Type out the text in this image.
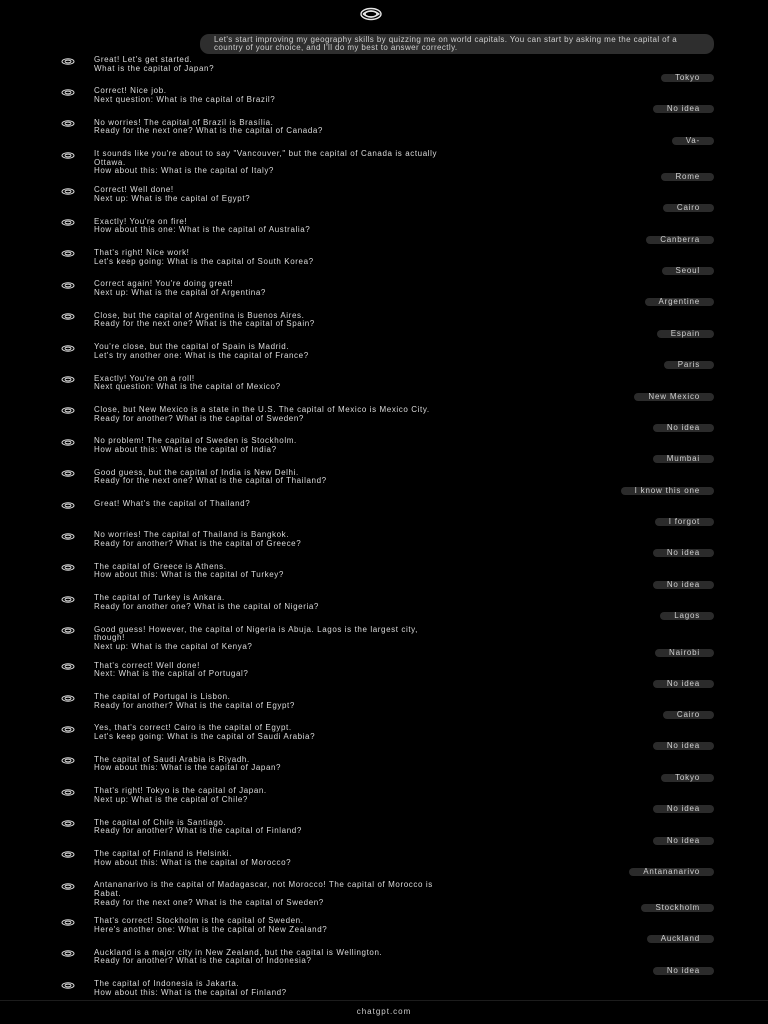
Let's start improving my geography skills by quizzing me on world capitals. You can start by asking me the capital of a country of your choice, and I'll do my best to answer correctly.
Great! Let's get started.
What is the capital of Japan?
Tokyo
Correct! Nice job.
Next question: What is the capital of Brazil?
No idea
No worries! The capital of Brazil is Brasília.
Ready for the next one? What is the capital of Canada?
Va-
It sounds like you're about to say "Vancouver," but the capital of Canada is actually
Ottawa.
How about this: What is the capital of Italy?
Rome
Correct! Well done!
Next up: What is the capital of Egypt?
Cairo
Exactly! You're on fire!
How about this one: What is the capital of Australia?
Canberra
That's right! Nice work!
Let's keep going: What is the capital of South Korea?
Seoul
Correct again! You're doing great!
Next up: What is the capital of Argentina?
Argentine
Close, but the capital of Argentina is Buenos Aires.
Ready for the next one? What is the capital of Spain?
Espain
You're close, but the capital of Spain is Madrid.
Let's try another one: What is the capital of France?
Paris
Exactly! You're on a roll!
Next question: What is the capital of Mexico?
New Mexico
Close, but New Mexico is a state in the U.S. The capital of Mexico is Mexico City.
Ready for another? What is the capital of Sweden?
No idea
No problem! The capital of Sweden is Stockholm.
How about this: What is the capital of India?
Mumbai
Good guess, but the capital of India is New Delhi.
Ready for the next one? What is the capital of Thailand?
I know this one
Great! What's the capital of Thailand?
I forgot
No worries! The capital of Thailand is Bangkok.
Ready for another? What is the capital of Greece?
No idea
The capital of Greece is Athens.
How about this: What is the capital of Turkey?
No idea
The capital of Turkey is Ankara.
Ready for another one? What is the capital of Nigeria?
Lagos
Good guess! However, the capital of Nigeria is Abuja. Lagos is the largest city,
though!
Next up: What is the capital of Kenya?
Nairobi
That's correct! Well done!
Next: What is the capital of Portugal?
No idea
The capital of Portugal is Lisbon.
Ready for another? What is the capital of Egypt?
Cairo
Yes, that's correct! Cairo is the capital of Egypt.
Let's keep going: What is the capital of Saudi Arabia?
No idea
The capital of Saudi Arabia is Riyadh.
How about this: What is the capital of Japan?
Tokyo
That's right! Tokyo is the capital of Japan.
Next up: What is the capital of Chile?
No idea
The capital of Chile is Santiago.
Ready for another? What is the capital of Finland?
No idea
The capital of Finland is Helsinki.
How about this: What is the capital of Morocco?
Antananarivo
Antananarivo is the capital of Madagascar, not Morocco! The capital of Morocco is
Rabat.
Ready for the next one? What is the capital of Sweden?
Stockholm
That's correct! Stockholm is the capital of Sweden.
Here's another one: What is the capital of New Zealand?
Auckland
Auckland is a major city in New Zealand, but the capital is Wellington.
Ready for another? What is the capital of Indonesia?
No idea
The capital of Indonesia is Jakarta.
How about this: What is the capital of Finland?
chatgpt.com
